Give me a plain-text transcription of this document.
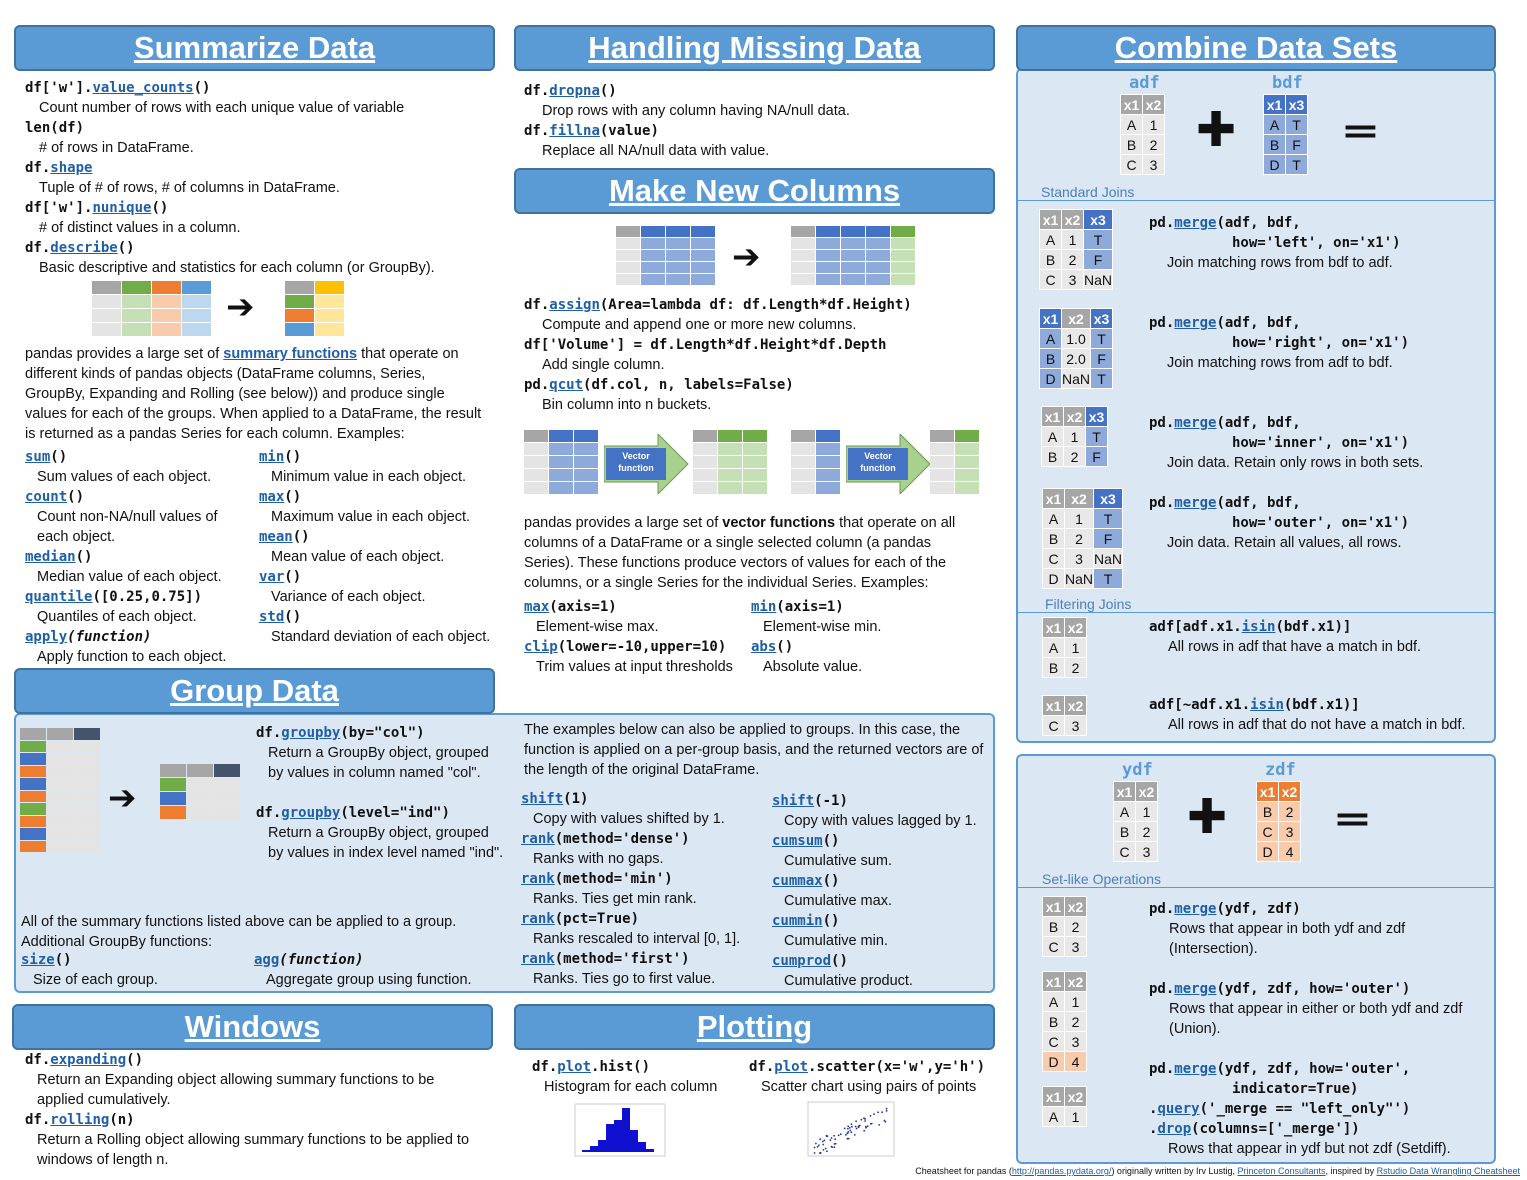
Summarize Data
df['w'].value_counts()
Count number of rows with each unique value of variable
len(df)
# of rows in DataFrame.
df.shape
Tuple of # of rows, # of columns in DataFrame.
df['w'].nunique()
# of distinct values in a column.
df.describe()
Basic descriptive and statistics for each column (or GroupBy).
➔
pandas provides a large set of summary functions that operate on different kinds of pandas objects (DataFrame columns, Series, GroupBy, Expanding and Rolling (see below)) and produce single values for each of the groups. When applied to a DataFrame, the result is returned as a pandas Series for each column. Examples:
sum()
Sum values of each object.
count()
Count non-NA/null values of each object.
median()
Median value of each object.
quantile([0.25,0.75])
Quantiles of each object.
apply(function)
Apply function to each object.
min()
Minimum value in each object.
max()
Maximum value in each object.
mean()
Mean value of each object.
var()
Variance of each object.
std()
Standard deviation of each object.
Handling Missing Data
df.dropna()
Drop rows with any column having NA/null data.
df.fillna(value)
Replace all NA/null data with value.
Make New Columns
➔
df.assign(Area=lambda df: df.Length*df.Height)
Compute and append one or more new columns.
df['Volume'] = df.Length*df.Height*df.Depth
Add single column.
pd.qcut(df.col, n, labels=False)
Bin column into n buckets.
Vector function
Vector function
pandas provides a large set of vector functions that operate on all columns of a DataFrame or a single selected column (a pandas Series). These functions produce vectors of values for each of the columns, or a single Series for the individual Series. Examples:
max(axis=1)
Element-wise max.
clip(lower=-10,upper=10)
Trim values at input thresholds
min(axis=1)
Element-wise min.
abs()
Absolute value.
Group Data
➔
df.groupby(by="col")
Return a GroupBy object, grouped by values in column named "col".
df.groupby(level="ind")
Return a GroupBy object, grouped by values in index level named "ind".
All of the summary functions listed above can be applied to a group. Additional GroupBy functions:
size()
Size of each group.
agg(function)
Aggregate group using function.
The examples below can also be applied to groups. In this case, the function is applied on a per-group basis, and the returned vectors are of the length of the original DataFrame.
shift(1)
Copy with values shifted by 1.
rank(method='dense')
Ranks with no gaps.
rank(method='min')
Ranks. Ties get min rank.
rank(pct=True)
Ranks rescaled to interval [0, 1].
rank(method='first')
Ranks. Ties go to first value.
shift(-1)
Copy with values lagged by 1.
cumsum()
Cumulative sum.
cummax()
Cumulative max.
cummin()
Cumulative min.
cumprod()
Cumulative product.
Windows
df.expanding()
Return an Expanding object allowing summary functions to be applied cumulatively.
df.rolling(n)
Return a Rolling object allowing summary functions to be applied to windows of length n.
Plotting
df.plot.hist()
Histogram for each column
df.plot.scatter(x='w',y='h')
Scatter chart using pairs of points
Combine Data Sets
adf
x1	x2
A	1
B	2
C	3
✚
bdf
x1	x3
A	T
B	F
D	T
═
Standard Joins
x1	x2	x3
A	1	T
B	2	F
C	3	NaN
x1	x2	x3
A	1.0	T
B	2.0	F
D	NaN	T
x1	x2	x3
A	1	T
B	2	F
x1	x2	x3
A	1	T
B	2	F
C	3	NaN
D	NaN	T
pd.merge(adf, bdf,
how='left', on='x1')
Join matching rows from bdf to adf.
pd.merge(adf, bdf,
how='right', on='x1')
Join matching rows from adf to bdf.
pd.merge(adf, bdf,
how='inner', on='x1')
Join data. Retain only rows in both sets.
pd.merge(adf, bdf,
how='outer', on='x1')
Join data. Retain all values, all rows.
Filtering Joins
x1	x2
A	1
B	2
x1	x2
C	3
adf[adf.x1.isin(bdf.x1)]
All rows in adf that have a match in bdf.
adf[~adf.x1.isin(bdf.x1)]
All rows in adf that do not have a match in bdf.
ydf
x1	x2
A	1
B	2
C	3
✚
zdf
x1	x2
B	2
C	3
D	4
═
Set-like Operations
x1	x2
B	2
C	3
x1	x2
A	1
B	2
C	3
D	4
x1	x2
A	1
pd.merge(ydf, zdf)
Rows that appear in both ydf and zdf (Intersection).
pd.merge(ydf, zdf, how='outer')
Rows that appear in either or both ydf and zdf (Union).
pd.merge(ydf, zdf, how='outer',
indicator=True)
.query('_merge == "left_only"')
.drop(columns=['_merge'])
Rows that appear in ydf but not zdf (Setdiff).
Cheatsheet for pandas (http://pandas.pydata.org/) originally written by Irv Lustig, Princeton Consultants, inspired by Rstudio Data Wrangling Cheatsheet
